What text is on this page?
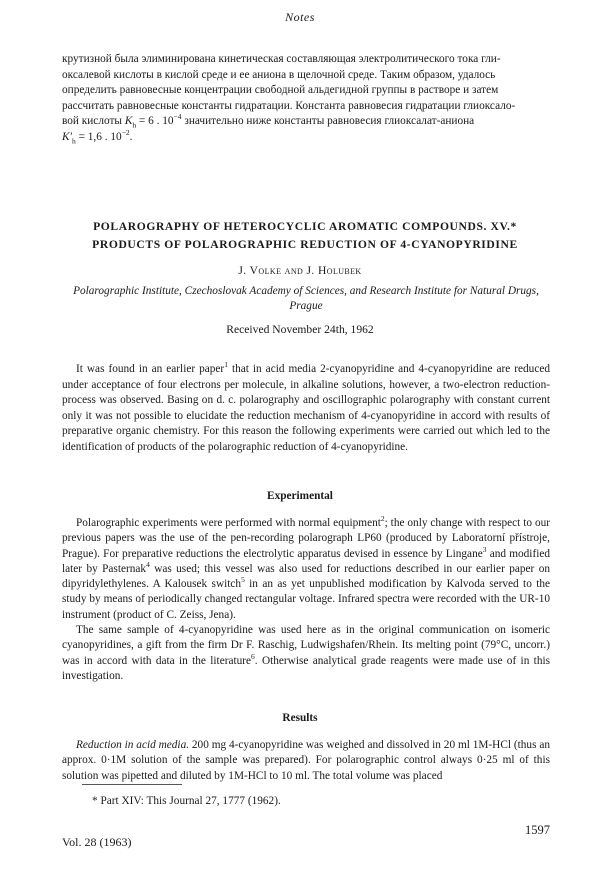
Notes
крутизной была элиминирована кинетическая составляющая электролитического тока гли-
оксалевой кислоты в кислой среде и ее аниона в щелочной среде. Таким образом, удалось
определить равновесные концентрации свободной альдегидной группы в растворе и затем
рассчитать равновесные константы гидратации. Константа равновесия гидратации глиоксало-
вой кислоты $K_h = 6$ . $10^{-4}$ значительно ниже константы равновесия глиоксалат-аниона
$K'_h = 1,6$ . $10^{-2}$.
POLAROGRAPHY OF HETEROCYCLIC AROMATIC COMPOUNDS. XV.*
PRODUCTS OF POLAROGRAPHIC REDUCTION OF 4-CYANOPYRIDINE
J. Volke and J. Holubek
Polarographic Institute, Czechoslovak Academy of Sciences, and Research Institute for Natural Drugs, Prague
Received November 24th, 1962

It was found in an earlier paper$^1$ that in acid media 2-cyanopyridine and 4-cyanopyridine are reduced under acceptance of four electrons per molecule, in alkaline solutions, however, a two-electron reduction-process was observed. Basing on d. c. polarography and oscillographic polarography with constant current only it was not possible to elucidate the reduction mechanism of 4-cyanopyridine in accord with results of preparative organic chemistry. For this reason the following experiments were carried out which led to the identification of products of the polarographic reduction of 4-cyanopyridine.

Experimental

Polarographic experiments were performed with normal equipment$^2$; the only change with respect to our previous papers was the use of the pen-recording polarograph LP60 (produced by Laboratorní přístroje, Prague). For preparative reductions the electrolytic apparatus devised in essence by Lingane$^3$ and modified later by Pasternak$^4$ was used; this vessel was also used for reductions described in our earlier paper on dipyridylethylenes. A Kalousek switch$^5$ in an as yet unpublished modification by Kalvoda served to the study by means of periodically changed rectangular voltage. Infrared spectra were recorded with the UR-10 instrument (product of C. Zeiss, Jena).

The same sample of 4-cyanopyridine was used here as in the original communication on isomeric cyanopyridines, a gift from the firm Dr F. Raschig, Ludwigshafen/Rhein. Its melting point (79°C, uncorr.) was in accord with data in the literature$^6$. Otherwise analytical grade reagents were made use of in this investigation.

Results

Reduction in acid media. 200 mg 4-cyanopyridine was weighed and dissolved in 20 ml 1M-HCl (thus an approx. 0·1M solution of the sample was prepared). For polarographic control always 0·25 ml of this solution was pipetted and diluted by 1M-HCl to 10 ml. The total volume was placed

* Part XIV: This Journal 27, 1777 (1962).
Vol. 28 (1963)
1597
